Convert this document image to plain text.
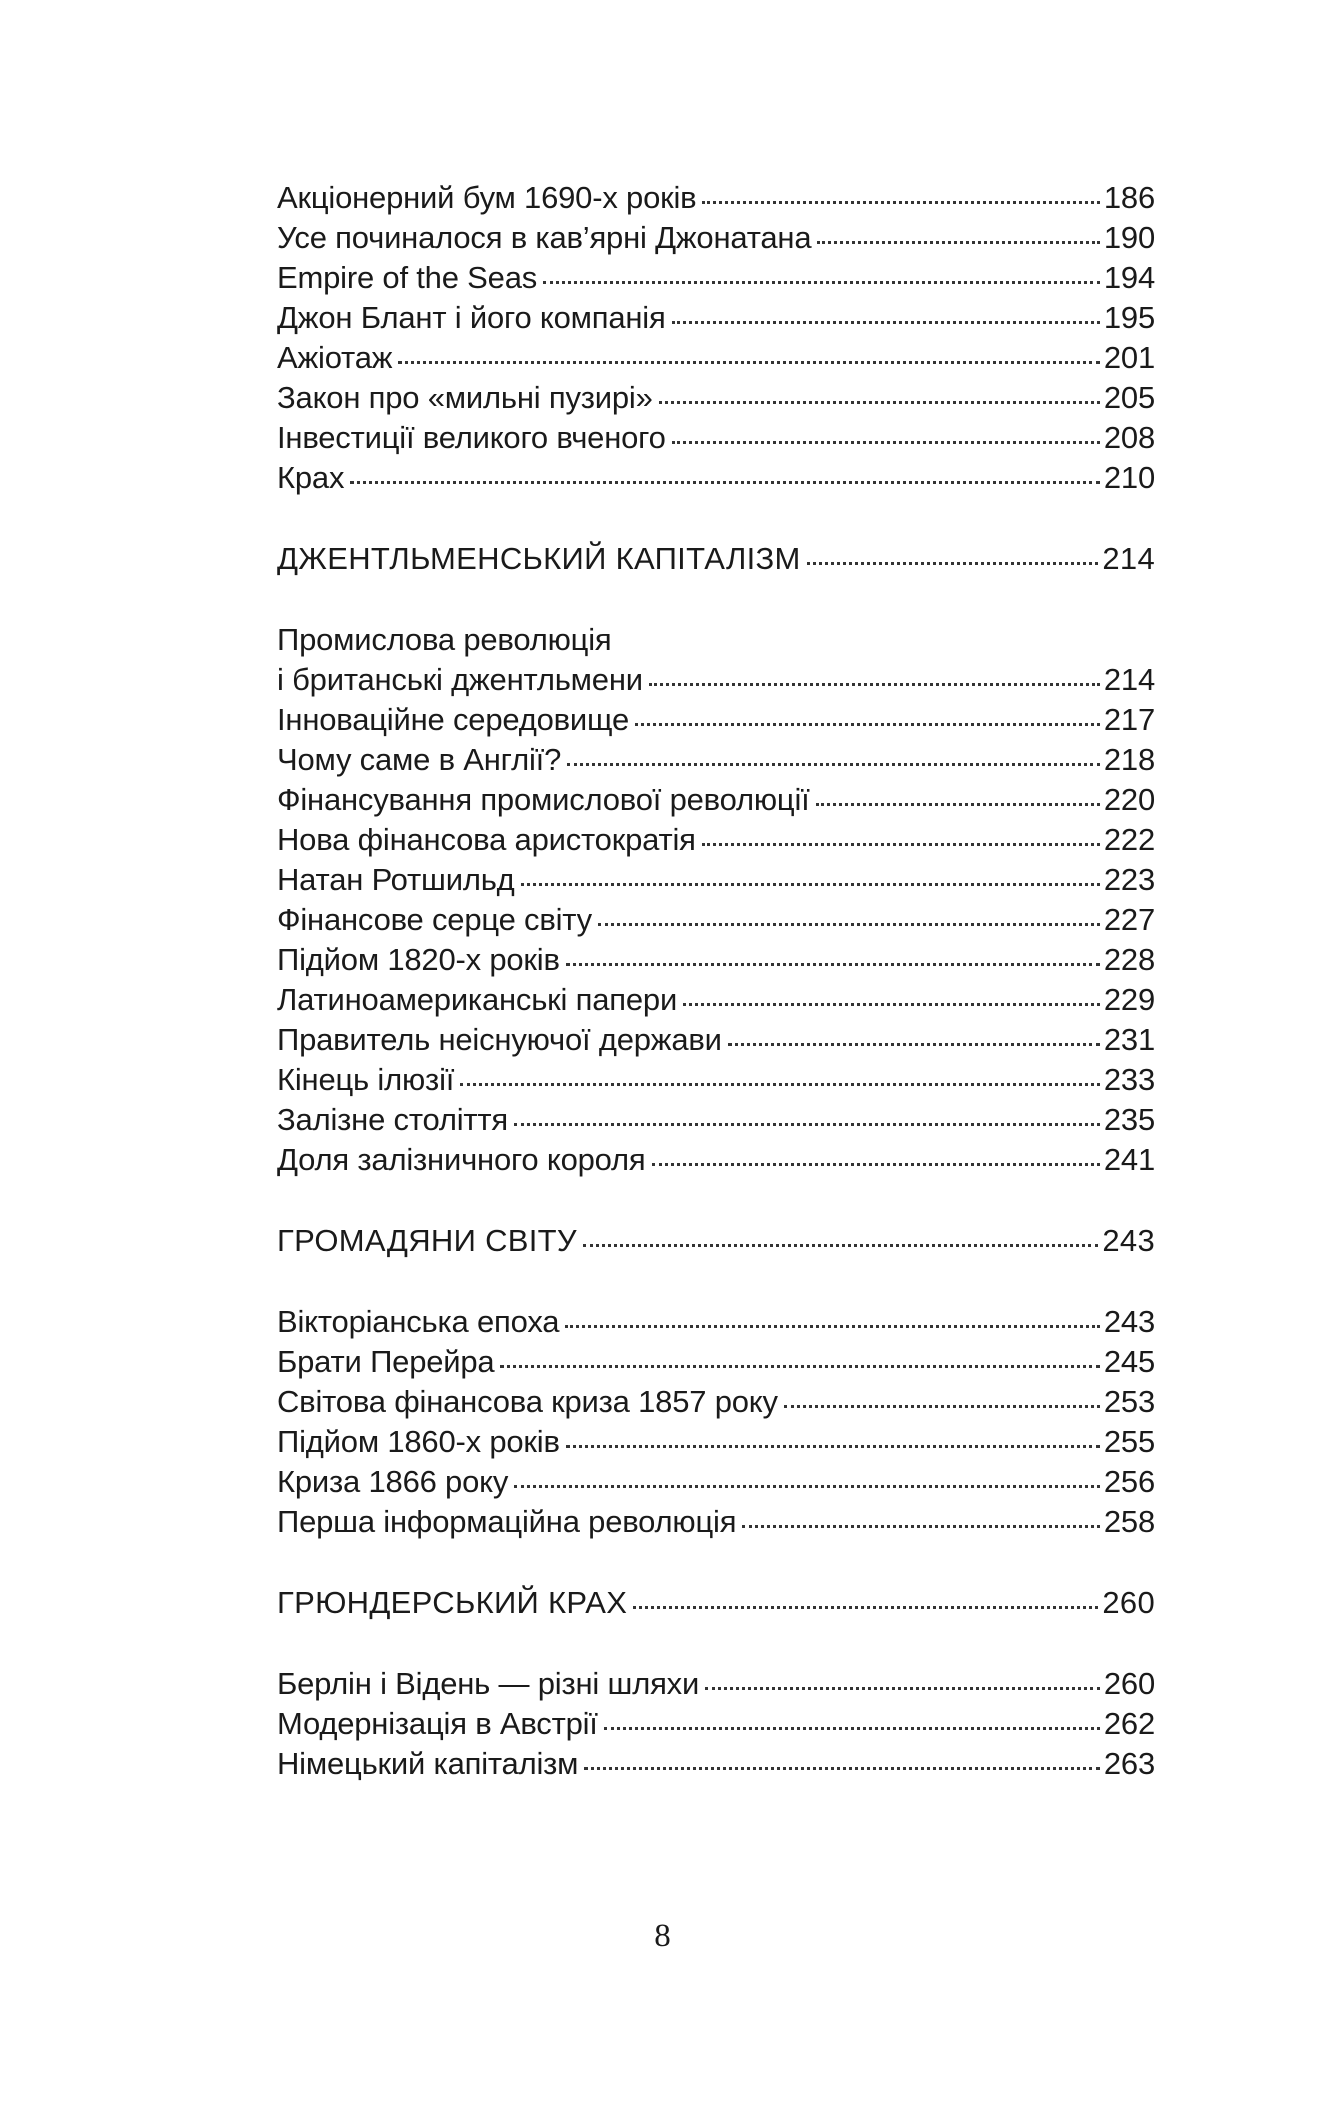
Акціонерний бум 1690-х років	186
Усе починалося в кав’ярні Джонатана	190
Empire of the Seas	194
Джон Блант і його компанія	195
Ажіотаж	201
Закон про «мильні пузирі»	205
Інвестиції великого вченого	208
Крах	210
ДЖЕНТЛЬМЕНСЬКИЙ КАПІТАЛІЗМ	214
Промислова революція
і британські джентльмени	214
Інноваційне середовище	217
Чому саме в Англії?	218
Фінансування промислової революції	220
Нова фінансова аристократія	222
Натан Ротшильд	223
Фінансове серце світу	227
Підйом 1820-х років	228
Латиноамериканські папери	229
Правитель неіснуючої держави	231
Кінець ілюзії	233
Залізне століття	235
Доля залізничного короля	241
ГРОМАДЯНИ СВІТУ	243
Вікторіанська епоха	243
Брати Перейра	245
Світова фінансова криза 1857 року	253
Підйом 1860-х років	255
Криза 1866 року	256
Перша інформаційна революція	258
ГРЮНДЕРСЬКИЙ КРАХ	260
Берлін і Відень — різні шляхи	260
Модернізація в Австрії	262
Німецький капіталізм	263
8
